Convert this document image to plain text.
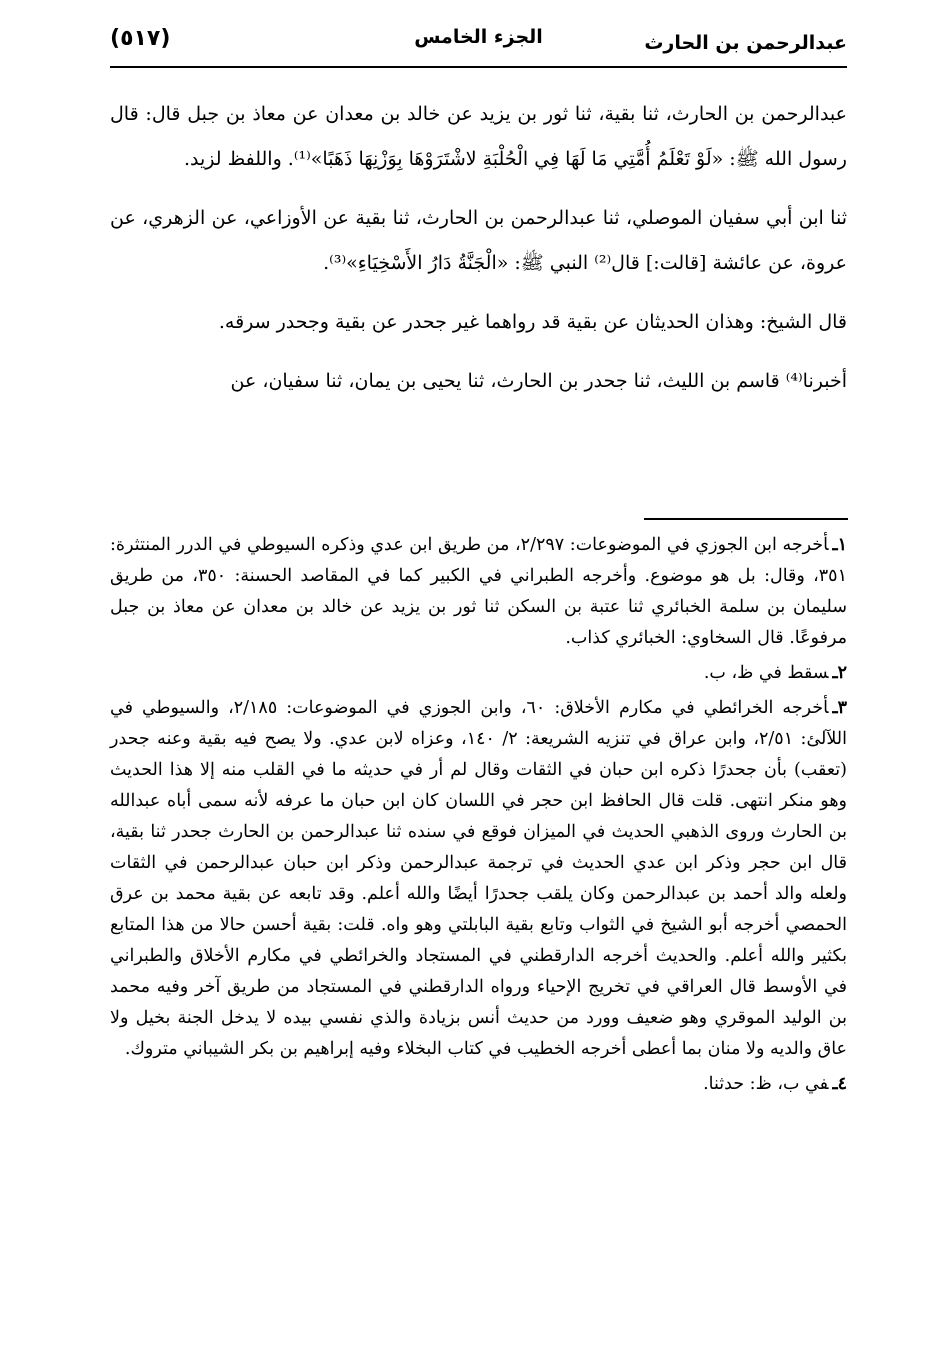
عبدالرحمن بن الحارث
الجزء الخامس
(٥١٧)

عبدالرحمن بن الحارث، ثنا بقية، ثنا ثور بن يزيد عن خالد بن معدان عن معاذ بن جبل قال: قال رسول الله ﷺ: «لَوْ تَعْلَمُ أُمَّتِي مَا لَهَا فِي الْحُلْبَةِ لاشْتَرَوْهَا بِوَزْنِهَا ذَهَبًا»⁽¹⁾. واللفظ لزيد.

ثنا ابن أبي سفيان الموصلي، ثنا عبدالرحمن بن الحارث، ثنا بقية عن الأوزاعي، عن الزهري، عن عروة، عن عائشة [قالت:] قال⁽²⁾ النبي ﷺ: «الْجَنَّةُ دَارُ الأَسْخِيَاءِ»⁽³⁾.

قال الشيخ: وهذان الحديثان عن بقية قد رواهما غير جحدر عن بقية وجحدر سرقه.

أخبرنا⁽⁴⁾ قاسم بن الليث، ثنا جحدر بن الحارث، ثنا يحيى بن يمان، ثنا سفيان، عن

١ـأخرجه ابن الجوزي في الموضوعات: ٢/٢٩٧، من طريق ابن عدي وذكره السيوطي في الدرر المنتثرة: ٣٥١، وقال: بل هو موضوع. وأخرجه الطبراني في الكبير كما في المقاصد الحسنة: ٣٥٠، من طريق سليمان بن سلمة الخبائري ثنا عتبة بن السكن ثنا ثور بن يزيد عن خالد بن معدان عن معاذ بن جبل مرفوعًا. قال السخاوي: الخبائري كذاب.
٢ـسقط في ظ، ب.
٣ـأخرجه الخرائطي في مكارم الأخلاق: ٦٠، وابن الجوزي في الموضوعات: ٢/١٨٥، والسيوطي في اللآلئ: ٢/٥١، وابن عراق في تنزيه الشريعة: ٢/ ١٤٠، وعزاه لابن عدي. ولا يصح فيه بقية وعنه جحدر (تعقب) بأن جحدرًا ذكره ابن حبان في الثقات وقال لم أر في حديثه ما في القلب منه إلا هذا الحديث وهو منكر انتهى. قلت قال الحافظ ابن حجر في اللسان كان ابن حبان ما عرفه لأنه سمى أباه عبدالله بن الحارث وروى الذهبي الحديث في الميزان فوقع في سنده ثنا عبدالرحمن بن الحارث جحدر ثنا بقية، قال ابن حجر وذكر ابن عدي الحديث في ترجمة عبدالرحمن وذكر ابن حبان عبدالرحمن في الثقات ولعله والد أحمد بن عبدالرحمن وكان يلقب جحدرًا أيضًا والله أعلم. وقد تابعه عن بقية محمد بن عرق الحمصي أخرجه أبو الشيخ في الثواب وتابع بقية البابلتي وهو واه. قلت: بقية أحسن حالا من هذا المتابع بكثير والله أعلم. والحديث أخرجه الدارقطني في المستجاد والخرائطي في مكارم الأخلاق والطبراني في الأوسط قال العراقي في تخريج الإحياء ورواه الدارقطني في المستجاد من طريق آخر وفيه محمد بن الوليد الموقري وهو ضعيف وورد من حديث أنس بزيادة والذي نفسي بيده لا يدخل الجنة بخيل ولا عاق والديه ولا منان بما أعطى أخرجه الخطيب في كتاب البخلاء وفيه إبراهيم بن بكر الشيباني متروك.
٤ـفي ب، ظ: حدثنا.
